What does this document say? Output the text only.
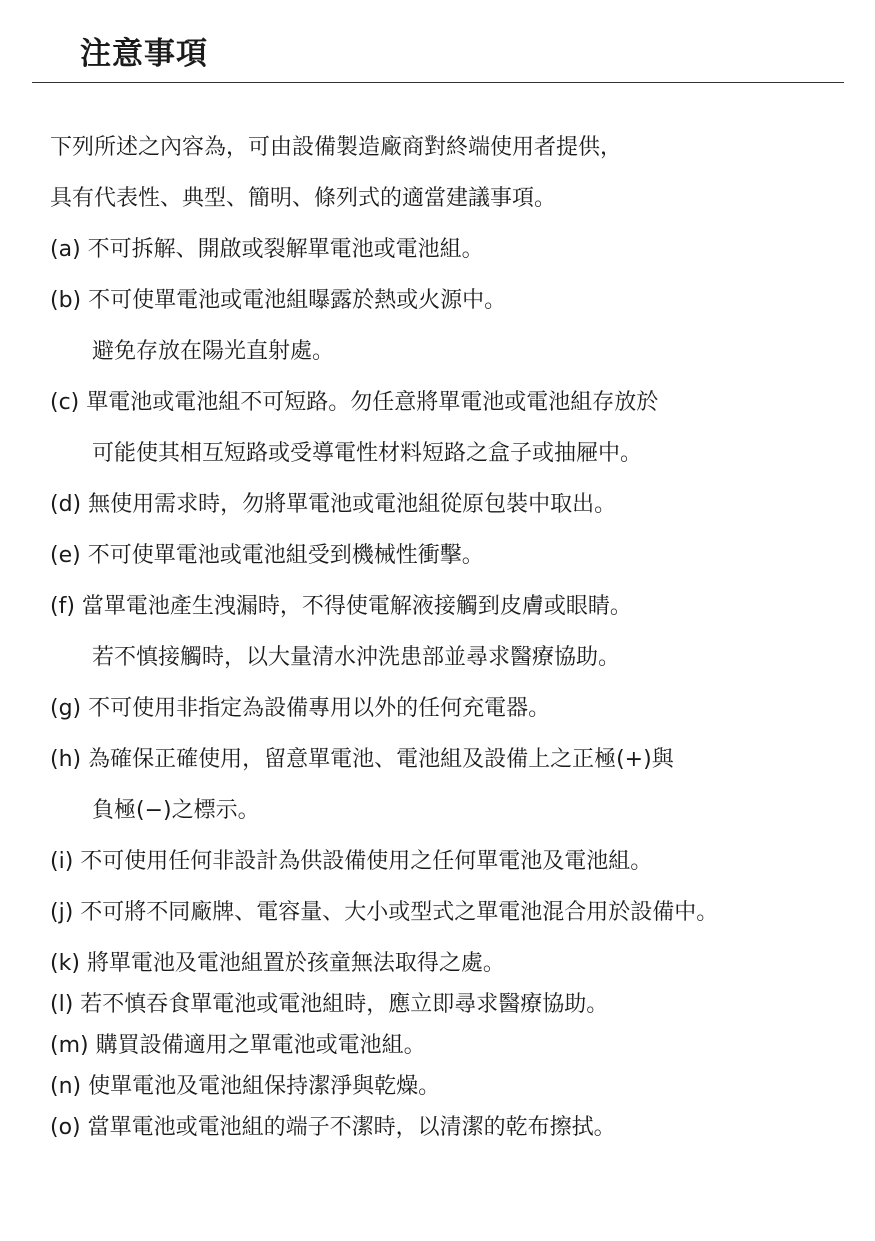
注意事項
下列所述之內容為，可由設備製造廠商對終端使用者提供，
具有代表性、典型、簡明、條列式的適當建議事項。
(a) 不可拆解、開啟或裂解單電池或電池組。
(b) 不可使單電池或電池組曝露於熱或火源中。
避免存放在陽光直射處。
(c) 單電池或電池組不可短路。勿任意將單電池或電池組存放於
可能使其相互短路或受導電性材料短路之盒子或抽屜中。
(d) 無使用需求時，勿將單電池或電池組從原包裝中取出。
(e) 不可使單電池或電池組受到機械性衝擊。
(f) 當單電池產生洩漏時，不得使電解液接觸到皮膚或眼睛。
若不慎接觸時，以大量清水沖洗患部並尋求醫療協助。
(g) 不可使用非指定為設備專用以外的任何充電器。
(h) 為確保正確使用，留意單電池、電池組及設備上之正極(+)與
負極(−)之標示。
(i) 不可使用任何非設計為供設備使用之任何單電池及電池組。
(j) 不可將不同廠牌、電容量、大小或型式之單電池混合用於設備中。
(k) 將單電池及電池組置於孩童無法取得之處。
(l) 若不慎吞食單電池或電池組時，應立即尋求醫療協助。
(m) 購買設備適用之單電池或電池組。
(n) 使單電池及電池組保持潔淨與乾燥。
(o) 當單電池或電池組的端子不潔時，以清潔的乾布擦拭。
